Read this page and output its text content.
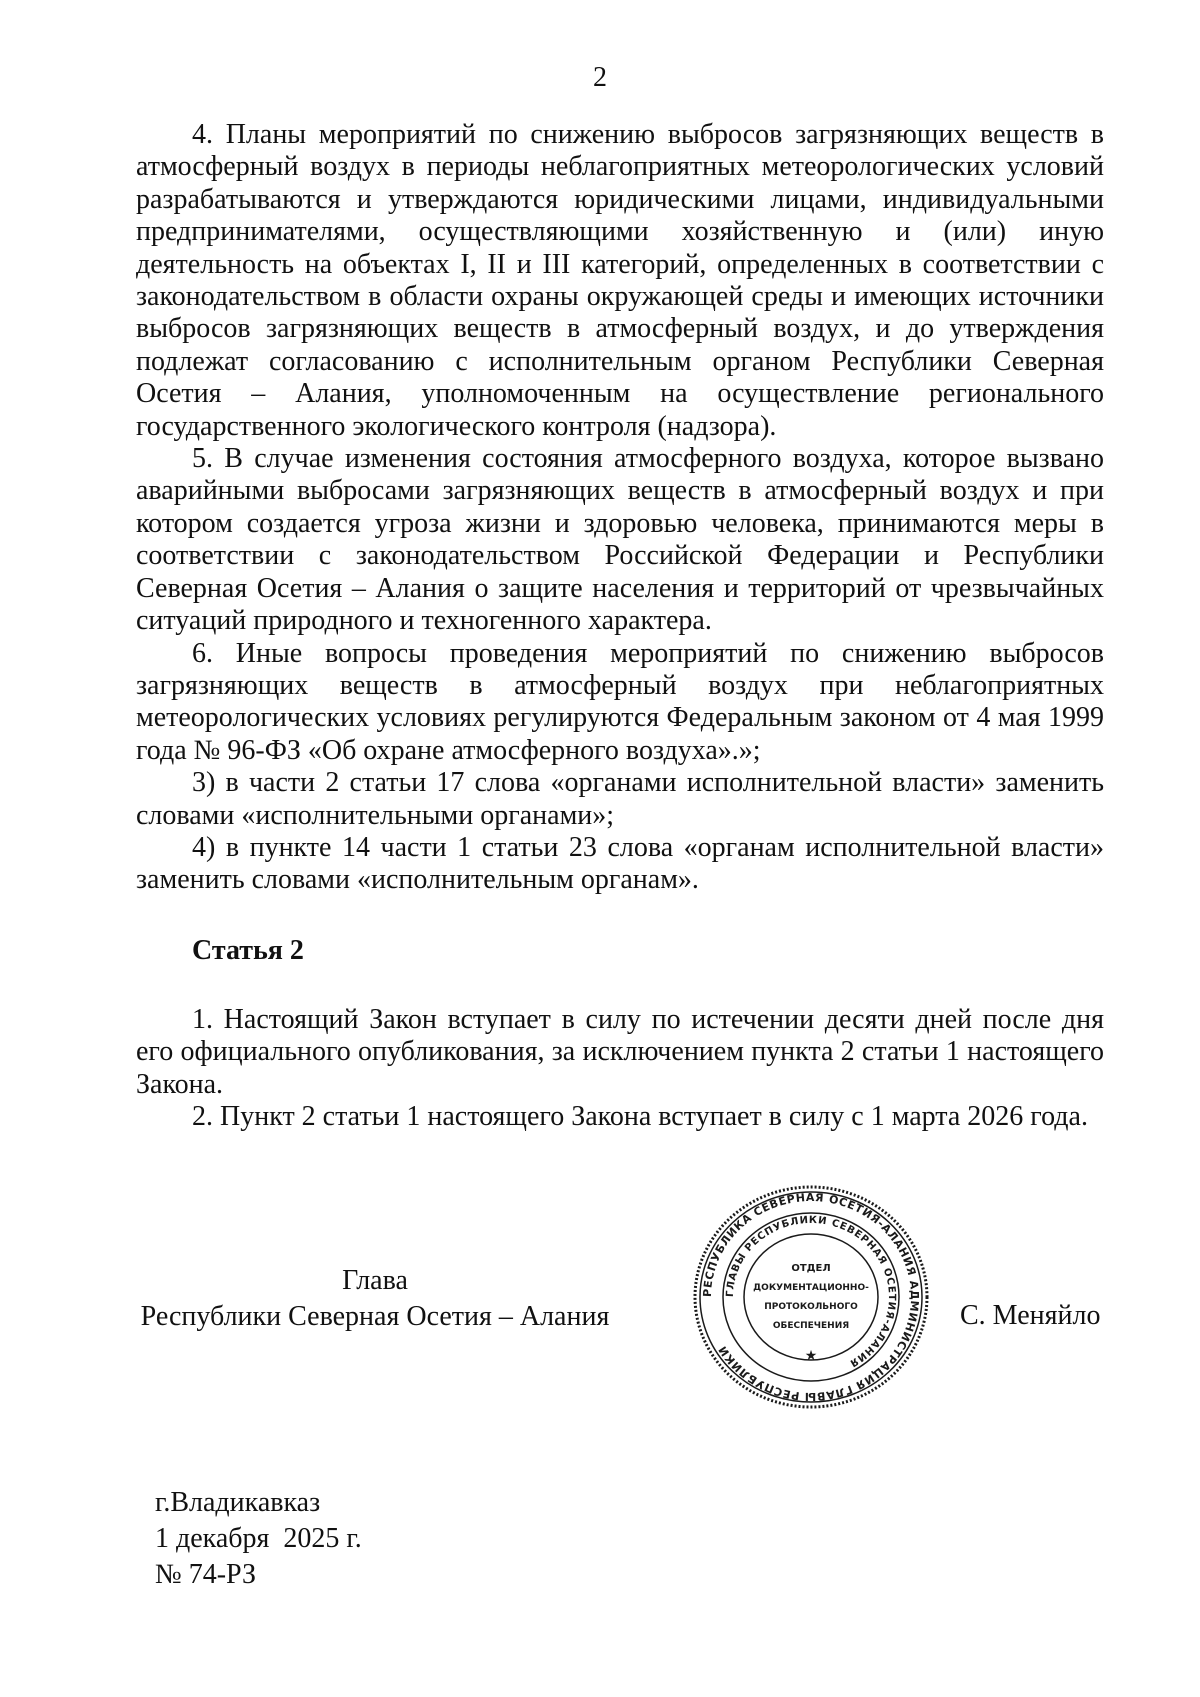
2

4. Планы мероприятий по снижению выбросов загрязняющих веществ в атмосферный воздух в периоды неблагоприятных метеорологических условий разрабатываются и утверждаются юридическими лицами, индивидуальными предпринимателями, осуществляющими хозяйственную и (или) иную деятельность на объектах I, II и III категорий, определенных в соответствии с законодательством в области охраны окружающей среды и имеющих источники выбросов загрязняющих веществ в атмосферный воздух, и до утверждения подлежат согласованию с исполнительным органом Республики Северная Осетия – Алания, уполномоченным на осуществление регионального государственного экологического контроля (надзора).

5. В случае изменения состояния атмосферного воздуха, которое вызвано аварийными выбросами загрязняющих веществ в атмосферный воздух и при котором создается угроза жизни и здоровью человека, принимаются меры в соответствии с законодательством Российской Федерации и Республики Северная Осетия – Алания о защите населения и территорий от чрезвычайных ситуаций природного и техногенного характера.

6. Иные вопросы проведения мероприятий по снижению выбросов загрязняющих веществ в атмосферный воздух при неблагоприятных метеорологических условиях регулируются Федеральным законом от 4 мая 1999 года № 96-ФЗ «Об охране атмосферного воздуха».»;

3) в части 2 статьи 17 слова «органами исполнительной власти» заменить словами «исполнительными органами»;

4) в пункте 14 части 1 статьи 23 слова «органам исполнительной власти» заменить словами «исполнительным органам».

Статья 2

1. Настоящий Закон вступает в силу по истечении десяти дней после дня его официального опубликования, за исключением пункта 2 статьи 1 настоящего Закона.

2. Пункт 2 статьи 1 настоящего Закона вступает в силу с 1 марта 2026 года.

Глава
Республики Северная Осетия – Алания
РЕСПУБЛИКА СЕВЕРНАЯ ОСЕТИЯ-АЛАНИЯ АДМИНИСТРАЦИЯ ГЛАВЫ РЕСПУБЛИКИ
ГЛАВЫ РЕСПУБЛИКИ СЕВЕРНАЯ ОСЕТИЯ-АЛАНИЯ
ОТДЕЛ
ДОКУМЕНТАЦИОННО-
ПРОТОКОЛЬНОГО
ОБЕСПЕЧЕНИЯ
★
С. Меняйло
г.Владикавказ
1 декабря  2025 г.
№ 74-РЗ
